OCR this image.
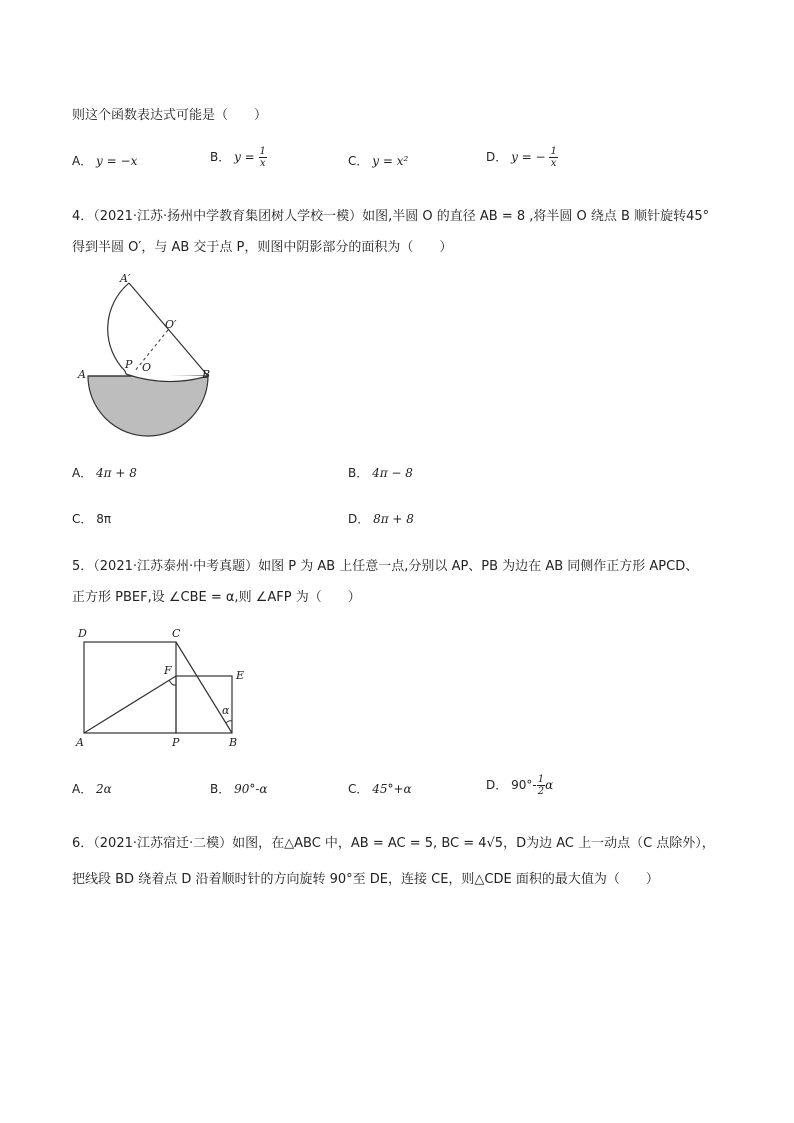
则这个函数表达式可能是（　　）
A． y = −x	B． $y = \frac{1}{x}$	C． y = x²	D． y = − $\frac{1}{x}$
4．（2021·江苏·扬州中学教育集团树人学校一模）如图,半圆 O 的直径 AB = 8 ,将半圆 O 绕点 B 顺针旋转45°
得到半圆 O′，与 AB 交于点 P，则图中阴影部分的面积为（　　）
A′
O′
P O
A	B
A． 4π + 8	B． 4π − 8
C． 8π	D． 8π + 8
5．（2021·江苏泰州·中考真题）如图 P 为 AB 上任意一点,分别以 AP、PB 为边在 AB 同侧作正方形 APCD、
正方形 PBEF,设 ∠CBE = α,则 ∠AFP 为（　　）
D	C
F	E
α
A	P	B
A． 2α	B． 90°-α	C． 45°+α	D． $90^\circ- \frac{1}{2}$ α
6．（2021·江苏宿迁·二模）如图，在△ABC 中，AB = AC = 5, BC = 4√5，D为边 AC 上一动点（C 点除外），
把线段 BD 绕着点 D 沿着顺时针的方向旋转 90°至 DE，连接 CE，则△CDE 面积的最大值为（　　）
